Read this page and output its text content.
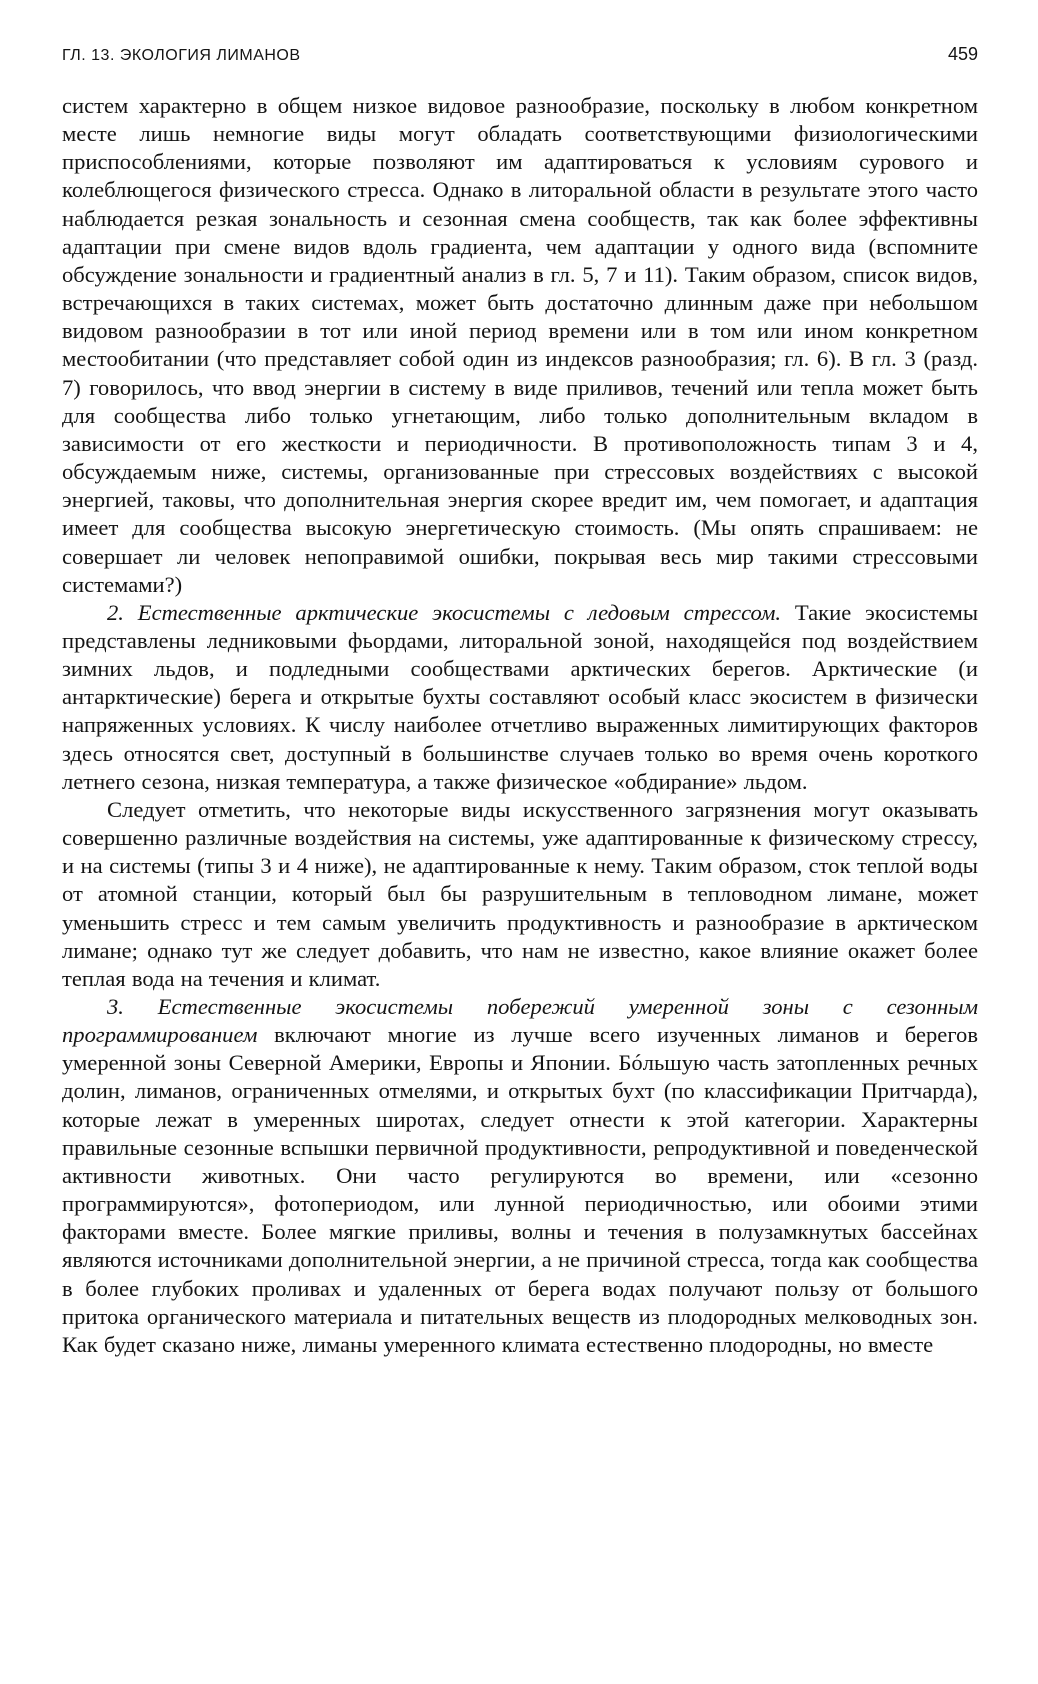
ГЛ. 13. ЭКОЛОГИЯ ЛИМАНОВ	459

систем характерно в общем низкое видовое разнообразие, поскольку в любом конкретном месте лишь немногие виды могут обладать соответствующими физиологическими приспособлениями, которые позволяют им адаптироваться к условиям сурового и колеблющегося физического стресса. Однако в литоральной области в результате этого часто наблюдается резкая зональность и сезонная смена сообществ, так как более эффективны адаптации при смене видов вдоль градиента, чем адаптации у одного вида (вспомните обсуждение зональности и градиентный анализ в гл. 5, 7 и 11). Таким образом, список видов, встречающихся в таких системах, может быть достаточно длинным даже при небольшом видовом разнообразии в тот или иной период времени или в том или ином конкретном местообитании (что представляет собой один из индексов разнообразия; гл. 6). В гл. 3 (разд. 7) говорилось, что ввод энергии в систему в виде приливов, течений или тепла может быть для сообщества либо только угнетающим, либо только дополнительным вкладом в зависимости от его жесткости и периодичности. В противоположность типам 3 и 4, обсуждаемым ниже, системы, организованные при стрессовых воздействиях с высокой энергией, таковы, что дополнительная энергия скорее вредит им, чем помогает, и адаптация имеет для сообщества высокую энергетическую стоимость. (Мы опять спрашиваем: не совершает ли человек непоправимой ошибки, покрывая весь мир такими стрессовыми системами?)

2. Естественные арктические экосистемы с ледовым стрессом. Такие экосистемы представлены ледниковыми фьордами, литоральной зоной, находящейся под воздействием зимних льдов, и подледными сообществами арктических берегов. Арктические (и антарктические) берега и открытые бухты составляют особый класс экосистем в физически напряженных условиях. К числу наиболее отчетливо выраженных лимитирующих факторов здесь относятся свет, доступный в большинстве случаев только во время очень короткого летнего сезона, низкая температура, а также физическое «обдирание» льдом.

Следует отметить, что некоторые виды искусственного загрязнения могут оказывать совершенно различные воздействия на системы, уже адаптированные к физическому стрессу, и на системы (типы 3 и 4 ниже), не адаптированные к нему. Таким образом, сток теплой воды от атомной станции, который был бы разрушительным в тепловодном лимане, может уменьшить стресс и тем самым увеличить продуктивность и разнообразие в арктическом лимане; однако тут же следует добавить, что нам не известно, какое влияние окажет более теплая вода на течения и климат.

3. Естественные экосистемы побережий умеренной зоны с сезонным программированием включают многие из лучше всего изученных лиманов и берегов умеренной зоны Северной Америки, Европы и Японии. Бóльшую часть затопленных речных долин, лиманов, ограниченных отмелями, и открытых бухт (по классификации Притчарда), которые лежат в умеренных широтах, следует отнести к этой категории. Характерны правильные сезонные вспышки первичной продуктивности, репродуктивной и поведенческой активности животных. Они часто регулируются во времени, или «сезонно программируются», фотопериодом, или лунной периодичностью, или обоими этими факторами вместе. Более мягкие приливы, волны и течения в полузамкнутых бассейнах являются источниками дополнительной энергии, а не причиной стресса, тогда как сообщества в более глубоких проливах и удаленных от берега водах получают пользу от большого притока органического материала и питательных веществ из плодородных мелководных зон. Как будет сказано ниже, лиманы умеренного климата естественно плодородны, но вместе
